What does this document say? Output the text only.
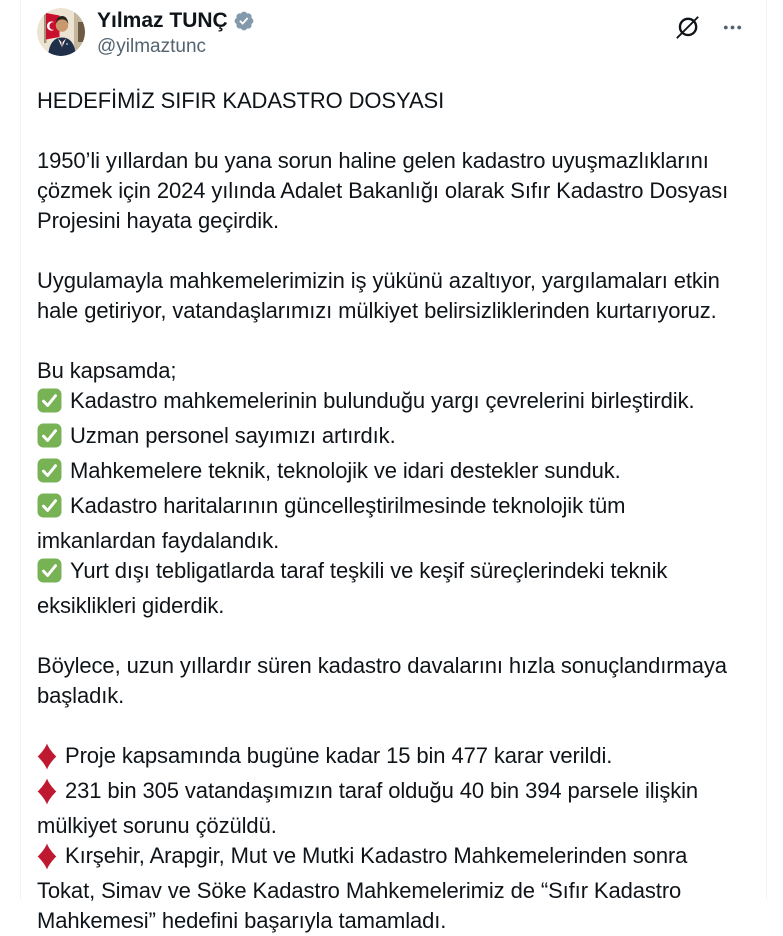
Yılmaz TUNÇ
@yilmaztunc
HEDEFİMİZ SIFIR KADASTRO DOSYASI
1950’li yıllardan bu yana sorun haline gelen kadastro uyuşmazlıklarını çözmek için 2024 yılında Adalet Bakanlığı olarak Sıfır Kadastro Dosyası Projesini hayata geçirdik.
Uygulamayla mahkemelerimizin iş yükünü azaltıyor, yargılamaları etkin hale getiriyor, vatandaşlarımızı mülkiyet belirsizliklerinden kurtarıyoruz.
Bu kapsamda;
Kadastro mahkemelerinin bulunduğu yargı çevrelerini birleştirdik.
Uzman personel sayımızı artırdık.
Mahkemelere teknik, teknolojik ve idari destekler sunduk.
Kadastro haritalarının güncelleştirilmesinde teknolojik tüm imkanlardan faydalandık.
Yurt dışı tebligatlarda taraf teşkili ve keşif süreçlerindeki teknik eksiklikleri giderdik.
Böylece, uzun yıllardır süren kadastro davalarını hızla sonuçlandırmaya başladık.
Proje kapsamında bugüne kadar 15 bin 477 karar verildi.
231 bin 305 vatandaşımızın taraf olduğu 40 bin 394 parsele ilişkin mülkiyet sorunu çözüldü.
Kırşehir, Arapgir, Mut ve Mutki Kadastro Mahkemelerinden sonra Tokat, Simav ve Söke Kadastro Mahkemelerimiz de “Sıfır Kadastro Mahkemesi” hedefini başarıyla tamamladı.
